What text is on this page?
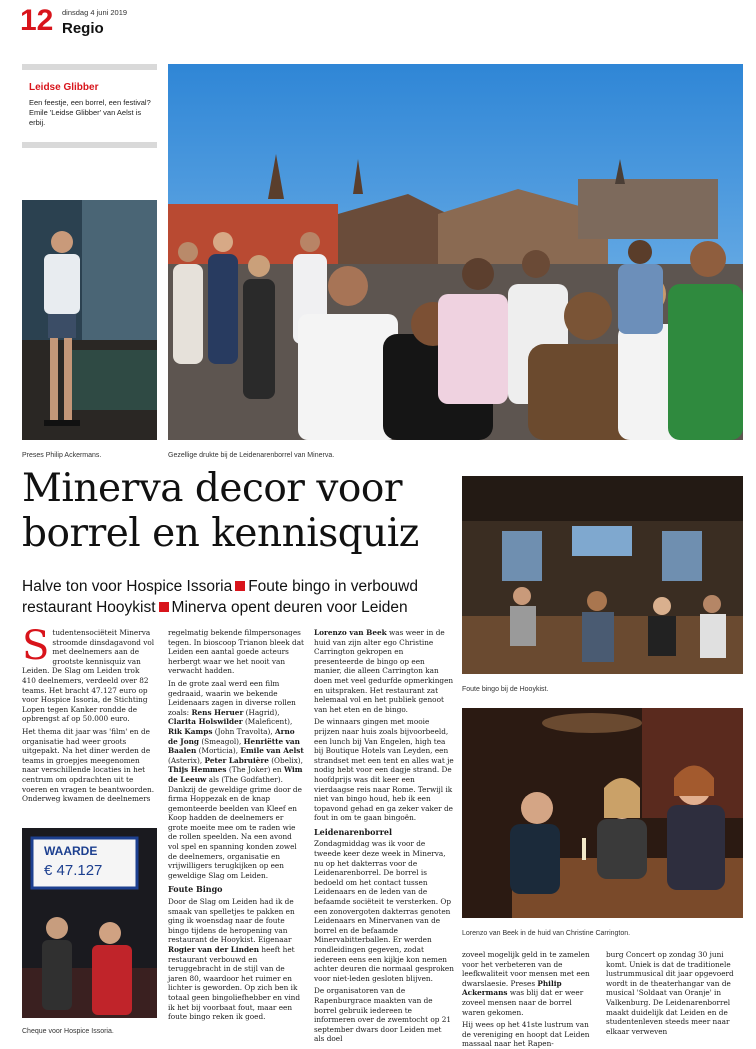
12 dinsdag 4 juni 2019
Regio
Leidse Glibber
Een feestje, een borrel, een festival? Emile 'Leidse Glibber' van Aelst is erbij.
Preses Philip Ackermans.	Gezellige drukte bij de Leidenarenborrel van Minerva.
Minerva decor voor borrel en kennisquiz
Halve ton voor Hospice Issoria Foute bingo in verbouwd restaurant Hooykist Minerva opent deuren voor Leiden
Foute bingo bij de Hooykist.
Lorenzo van Beek in de huid van Christine Carrington.
WAARDE
€ 47.127
Cheque voor Hospice Issoria.

Studentensociëteit Minerva stroomde dinsdagavond vol met deelnemers aan de grootste kennisquiz van Leiden. De Slag om Leiden trok 410 deelnemers, verdeeld over 82 teams. Het bracht 47.127 euro op voor Hospice Issoria, de Stichting Lopen tegen Kanker rondde de opbrengst af op 50.000 euro.

Het thema dit jaar was 'film' en de organisatie had weer groots uitgepakt. Na het diner werden de teams in groepjes meegenomen naar verschillende locaties in het centrum om opdrachten uit te voeren en vragen te beantwoorden. Onderweg kwamen de deelnemers

regelmatig bekende filmpersonages tegen. In bioscoop Trianon bleek dat Leiden een aantal goede acteurs herbergt waar we het nooit van verwacht hadden.

In de grote zaal werd een film gedraaid, waarin we bekende Leidenaars zagen in diverse rollen zoals: Rens Heruer (Hagrid), Clarita Holswilder (Maleficent), Rik Kamps (John Travolta), Arno de Jong (Smeagol), Henriëtte van Baalen (Morticia), Emile van Aelst (Asterix), Peter Labruière (Obelix), Thijs Hemmes (The Joker) en Wim de Leeuw als (The Godfather). Dankzij de geweldige grime door de firma Hoppezak en de knap gemonteerde beelden van Kleef en Koop hadden de deelnemers er grote moeite mee om te raden wie de rollen speelden. Na een avond vol spel en spanning konden zowel de deelnemers, organisatie en vrijwilligers terugkijken op een geweldige Slag om Leiden.

Foute Bingo

Door de Slag om Leiden had ik de smaak van spelletjes te pakken en ging ik woensdag naar de foute bingo tijdens de heropening van restaurant de Hooykist. Eigenaar Rogier van der Linden heeft het restaurant verbouwd en teruggebracht in de stijl van de jaren 80, waardoor het ruimer en lichter is geworden. Op zich ben ik totaal geen bingoliefhebber en vind ik het bij voorbaat fout, maar een foute bingo reken ik goed.

Lorenzo van Beek was weer in de huid van zijn alter ego Christine Carrington gekropen en presenteerde de bingo op een manier, die alleen Carrington kan doen met veel gedurfde opmerkingen en uitspraken. Het restaurant zat helemaal vol en het publiek genoot van het eten en de bingo.

De winnaars gingen met mooie prijzen naar huis zoals bijvoorbeeld, een lunch bij Van Engelen, high tea bij Boutique Hotels van Leyden, een strandset met een tent en alles wat je nodig hebt voor een dagje strand. De hoofdprijs was dit keer een vierdaagse reis naar Rome. Terwijl ik niet van bingo houd, heb ik een topavond gehad en ga zeker vaker de fout in om te gaan bingoën.

Leidenarenborrel

Zondagmiddag was ik voor de tweede keer deze week in Minerva, nu op het dakterras voor de Leidenarenborrel. De borrel is bedoeld om het contact tussen Leidenaars en de leden van de befaamde sociëteit te versterken. Op een zonovergoten dakterras genoten Leidenaars en Minervanen van de borrel en de befaamde Minervabitterballen. Er werden rondleidingen gegeven, zodat iedereen eens een kijkje kon nemen achter deuren die normaal gesproken voor niet-leden gesloten blijven.

De organisatoren van de Rapenburgrace maakten van de borrel gebruik iedereen te informeren over de zwemtocht op 21 september dwars door Leiden met als doel

zoveel mogelijk geld in te zamelen voor het verbeteren van de leefkwaliteit voor mensen met een dwarslaesie. Preses Philip Ackermans was blij dat er weer zoveel mensen naar de borrel waren gekomen.

Hij wees op het 41ste lustrum van de vereniging en hoopt dat Leiden massaal naar het Rapen-

burg Concert op zondag 30 juni komt. Uniek is dat de traditionele lustrummusical dit jaar opgevoerd wordt in de theaterhangar van de musical 'Soldaat van Oranje' in Valkenburg. De Leidenarenborrel maakt duidelijk dat Leiden en de studentenleven steeds meer naar elkaar verweven
